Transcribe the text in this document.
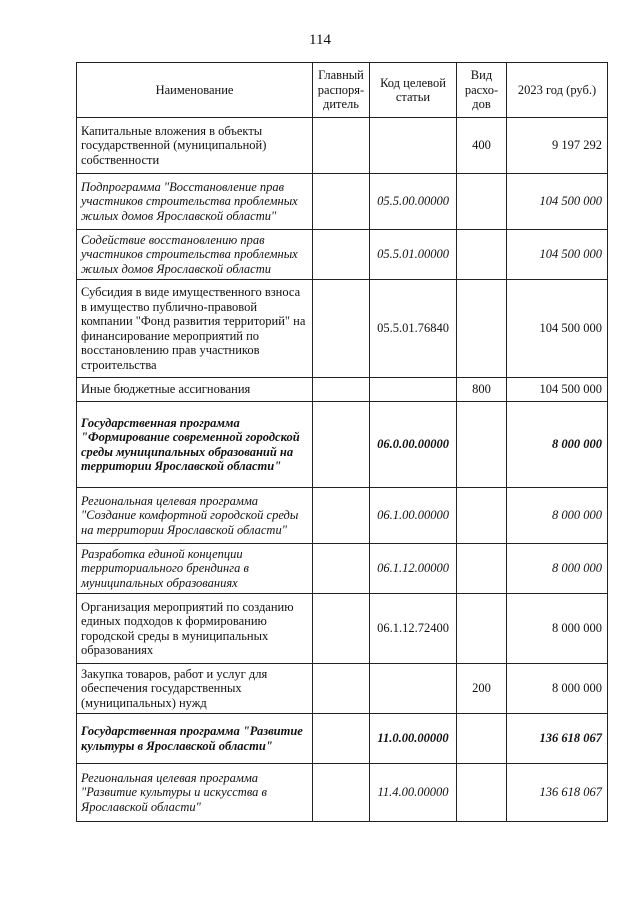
114
Наименование	Главный распоря-дитель	Код целевой статьи	Вид расхо-дов	2023 год (руб.)
Капитальные вложения в объекты государственной (муниципальной) собственности			400	9 197 292
Подпрограмма "Восстановление прав участников строительства проблемных жилых домов Ярославской области"		05.5.00.00000		104 500 000
Содействие восстановлению прав участников строительства проблемных жилых домов Ярославской области		05.5.01.00000		104 500 000
Субсидия в виде имущественного взноса в имущество публично-правовой компании "Фонд развития территорий" на финансирование мероприятий по восстановлению прав участников строительства		05.5.01.76840		104 500 000
Иные бюджетные ассигнования			800	104 500 000
Государственная программа "Формирование современной городской среды муниципальных образований на территории Ярославской области"		06.0.00.00000		8 000 000
Региональная целевая программа "Создание комфортной городской среды на территории Ярославской области"		06.1.00.00000		8 000 000
Разработка единой концепции территориального брендинга в муниципальных образованиях		06.1.12.00000		8 000 000
Организация мероприятий по созданию единых подходов к формированию городской среды в муниципальных образованиях		06.1.12.72400		8 000 000
Закупка товаров, работ и услуг для обеспечения государственных (муниципальных) нужд			200	8 000 000
Государственная программа "Развитие культуры в Ярославской области"		11.0.00.00000		136 618 067
Региональная целевая программа "Развитие культуры и искусства в Ярославской области"		11.4.00.00000		136 618 067
